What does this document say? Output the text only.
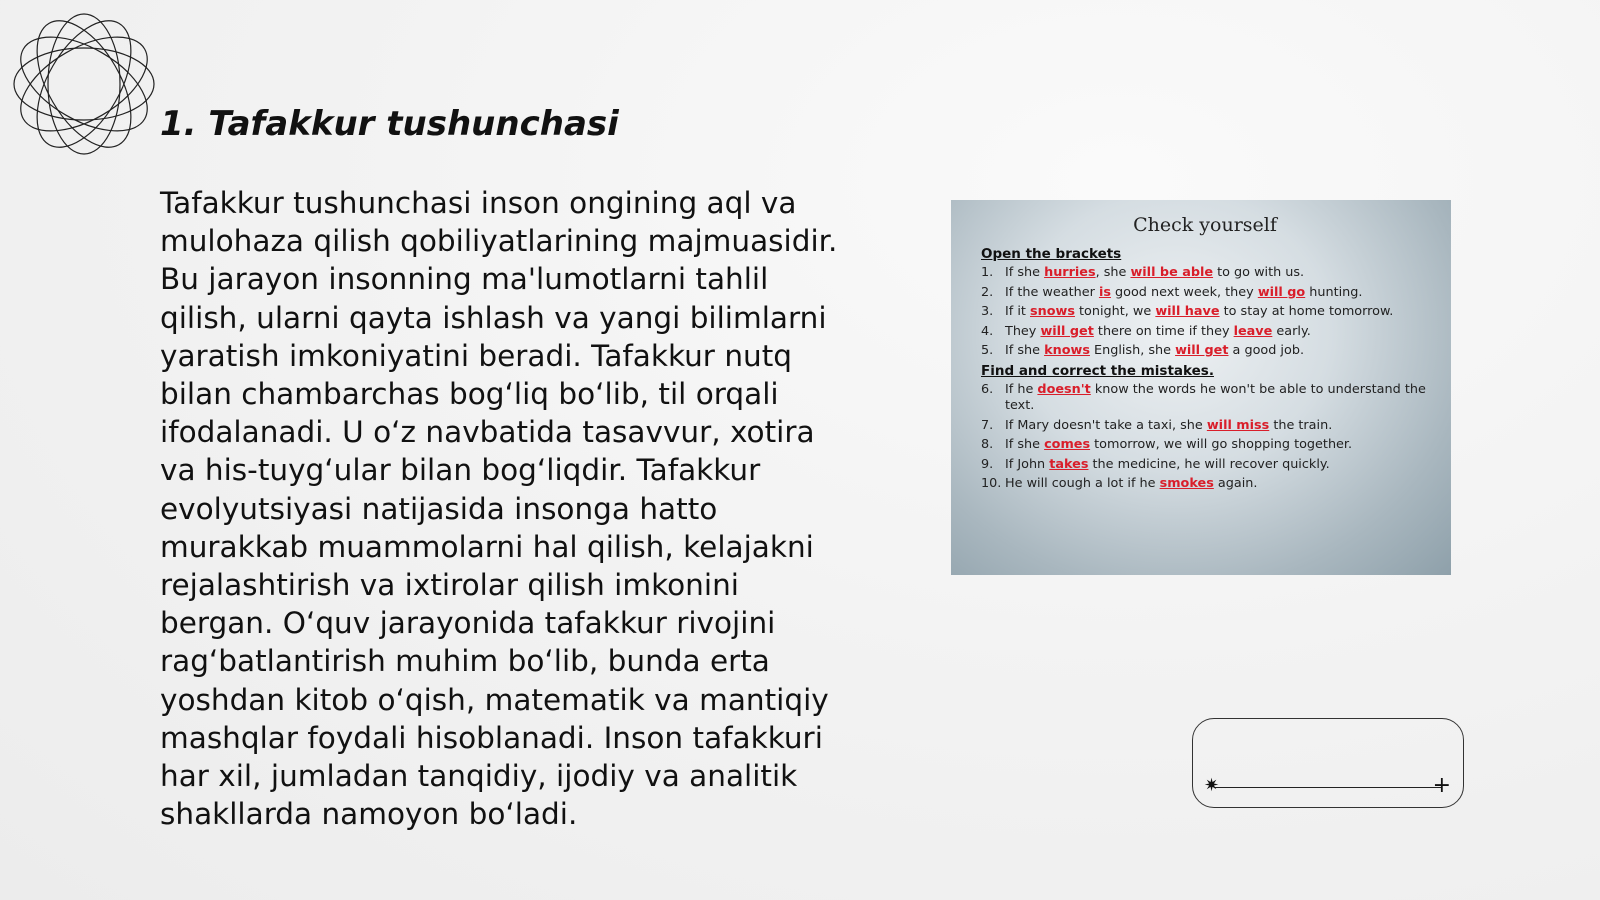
1. Tafakkur tushunchasi

Tafakkur tushunchasi inson ongining aql va mulohaza qilish qobiliyatlarining majmuasidir. Bu jarayon insonning ma'lumotlarni tahlil qilish, ularni qayta ishlash va yangi bilimlarni yaratish imkoniyatini beradi. Tafakkur nutq bilan chambarchas bog‘liq bo‘lib, til orqali ifodalanadi. U o‘z navbatida tasavvur, xotira va his-tuyg‘ular bilan bog‘liqdir. Tafakkur evolyutsiyasi natijasida insonga hatto murakkab muammolarni hal qilish, kelajakni rejalashtirish va ixtirolar qilish imkonini bergan. O‘quv jarayonida tafakkur rivojini rag‘batlantirish muhim bo‘lib, bunda erta yoshdan kitob o‘qish, matematik va mantiqiy mashqlar foydali hisoblanadi. Inson tafakkuri har xil, jumladan tanqidiy, ijodiy va analitik shakllarda namoyon bo‘ladi.

Check yourself
Open the brackets
1. If she hurries, she will be able to go with us.
2. If the weather is good next week, they will go hunting.
3. If it snows tonight, we will have to stay at home tomorrow.
4. They will get there on time if they leave early.
5. If she knows English, she will get a good job.
Find and correct the mistakes.
6. If he doesn't know the words he won't be able to understand the text.
7. If Mary doesn't take a taxi, she will miss the train.
8. If she comes tomorrow, we will go shopping together.
9. If John takes the medicine, he will recover quickly.
10. He will cough a lot if he smokes again.
✷	+
